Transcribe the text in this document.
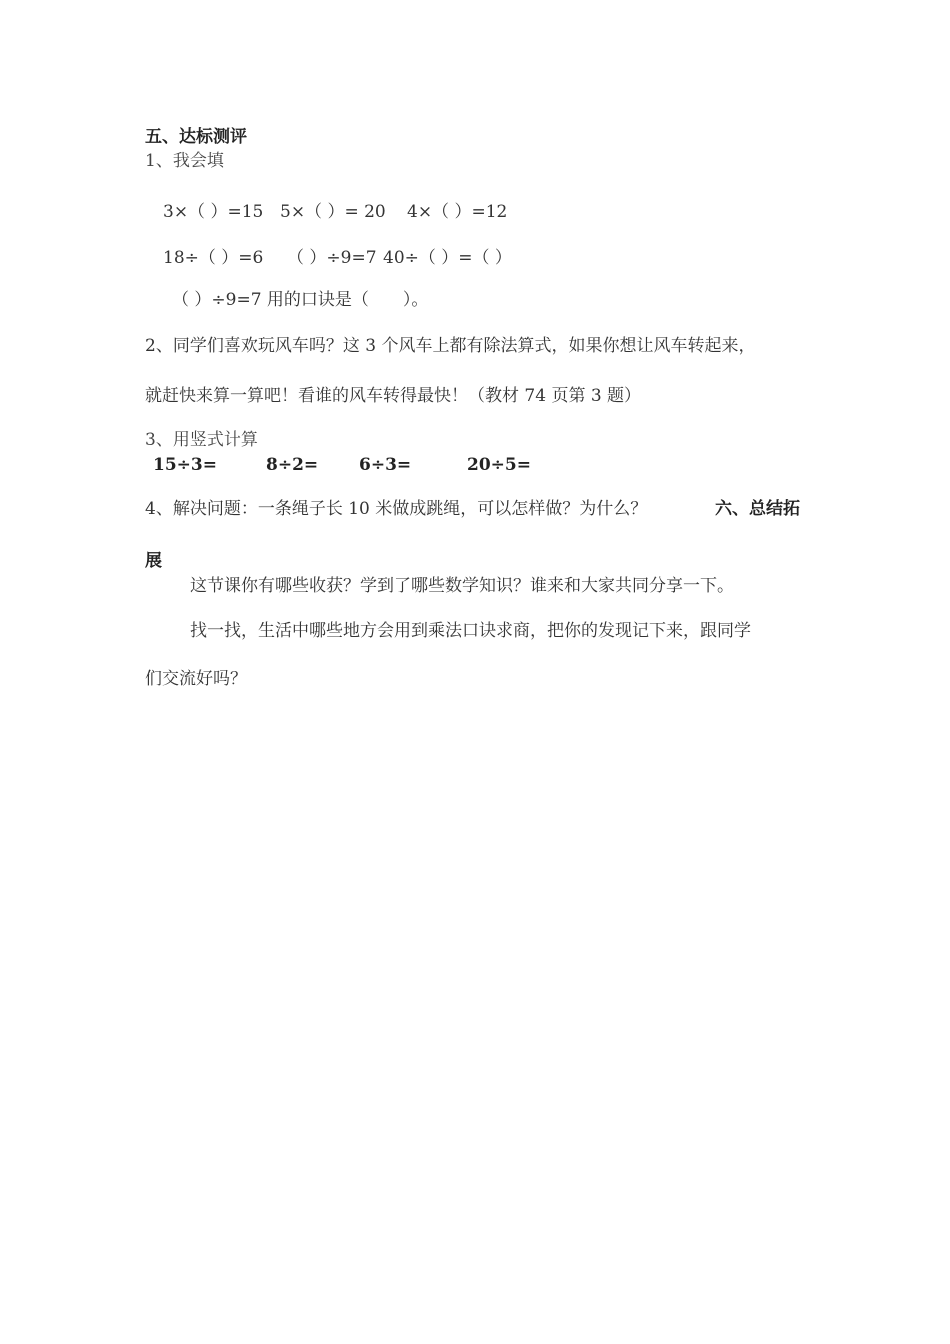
五、达标测评
1、我会填
3×（ ）=15 5×（ ）= 20 4×（ ）=12
18÷（ ）=6 （ ）÷9=7 40÷（ ）=（ ）
（ ）÷9=7 用的口诀是（　　）。
2、同学们喜欢玩风车吗？这 3 个风车上都有除法算式，如果你想让风车转起来，
就赶快来算一算吧！看谁的风车转得最快！（教材 74 页第 3 题）
3、用竖式计算
15÷3=	8÷2= 6÷3=	20÷5=
4、解决问题：一条绳子长 10 米做成跳绳，可以怎样做？为什么？	六、总结拓
展
这节课你有哪些收获？学到了哪些数学知识？谁来和大家共同分享一下。
找一找，生活中哪些地方会用到乘法口诀求商，把你的发现记下来，跟同学
们交流好吗？
